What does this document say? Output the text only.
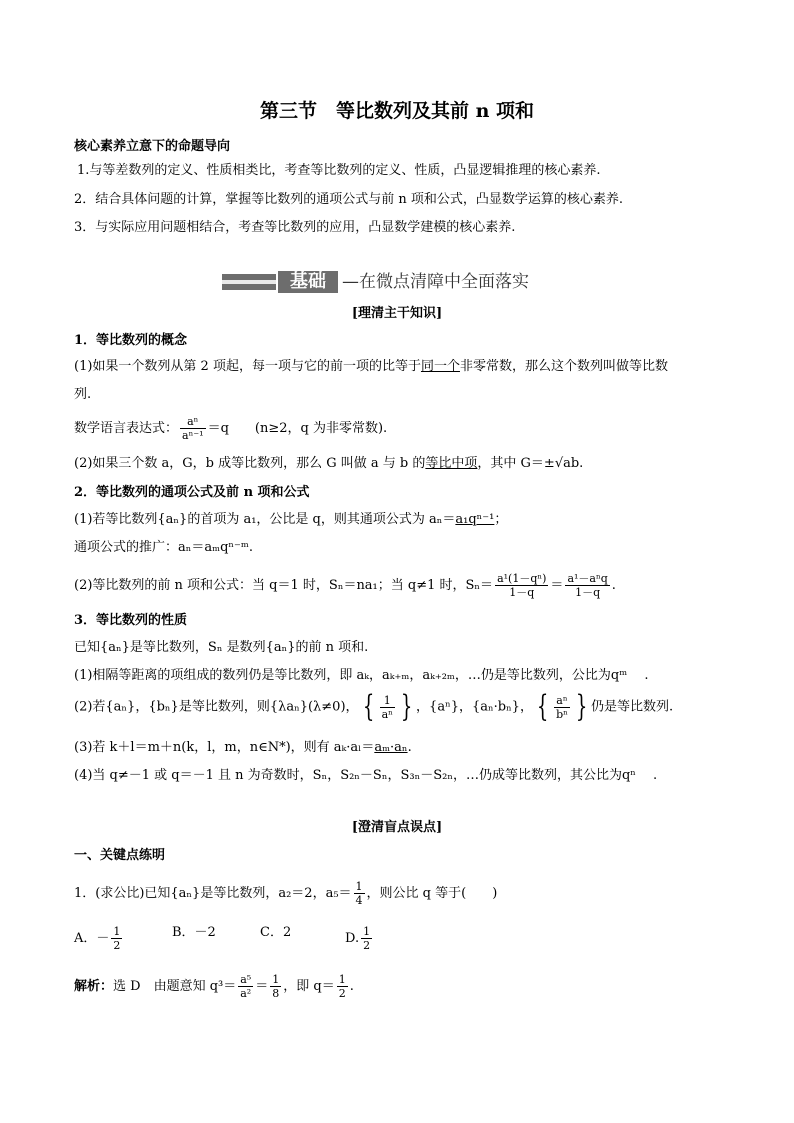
第三节　等比数列及其前 n 项和
核心素养立意下的命题导向
1.与等差数列的定义、性质相类比，考查等比数列的定义、性质，凸显逻辑推理的核心素养.
2．结合具体问题的计算，掌握等比数列的通项公式与前 n 项和公式，凸显数学运算的核心素养.
3．与实际应用问题相结合，考查等比数列的应用，凸显数学建模的核心素养.
基础 —在微点清障中全面落实
[理清主干知识]
1．等比数列的概念
(1)如果一个数列从第 2 项起，每一项与它的前一项的比等于同一个非零常数，那么这个数列叫做等比数
列.
数学语言表达式： $\frac{\text{aⁿ}}{\text{aⁿ⁻¹}} =q$　　(n≥2，q 为非零常数).
(2)如果三个数 a，G，b 成等比数列，那么 G 叫做 a 与 b 的等比中项，其中 G＝±√ab.
2．等比数列的通项公式及前 n 项和公式
(1)若等比数列{aₙ}的首项为 a₁，公比是 q，则其通项公式为 aₙ＝a₁qⁿ⁻¹；
通项公式的推广：aₙ＝aₘqⁿ⁻ᵐ.
(2)等比数列的前 n 项和公式：当 q＝1 时，Sₙ＝na₁；当 q≠1 时，$S_n= \frac{\text{a¹(1－qⁿ)}}{1-q} = \frac{\text{a¹－aⁿq}}{1-q}$ .
3．等比数列的性质
已知{aₙ}是等比数列，Sₙ 是数列{aₙ}的前 n 项和.
(1)相隔等距离的项组成的数列仍是等比数列，即 aₖ，aₖ₊ₘ，aₖ₊₂ₘ，…仍是等比数列，公比为qᵐ　 .
(2)若{aₙ}，{bₙ}是等比数列，则{λaₙ}(λ≠0)， { $\frac{1}{\text{aⁿ}}$ } ，{aⁿ}，{aₙ·bₙ}， { $\frac{\text{aⁿ}}{\text{bⁿ}}$ } 仍是等比数列.
(3)若 k＋l＝m＋n(k，l，m，n∈N*)，则有 aₖ·aₗ＝aₘ·aₙ.
(4)当 q≠－1 或 q＝－1 且 n 为奇数时，Sₙ，S₂ₙ－Sₙ，S₃ₙ－S₂ₙ，…仍成等比数列，其公比为qⁿ　 .
[澄清盲点误点]
一、关键点练明
1．(求公比)已知{aₙ}是等比数列，a₂＝2，$a_5= \frac{1}{4}$ ，则公比 q 等于(　　)
A．－ $\frac{1}{2}$	B．－2	C．2	D. $\frac{1}{2}$
解析：选 D　由题意知 $q^3= \frac{\text{a⁵}}{\text{a²}} = \frac{1}{8}$ ，即 $q= \frac{1}{2}$ .
